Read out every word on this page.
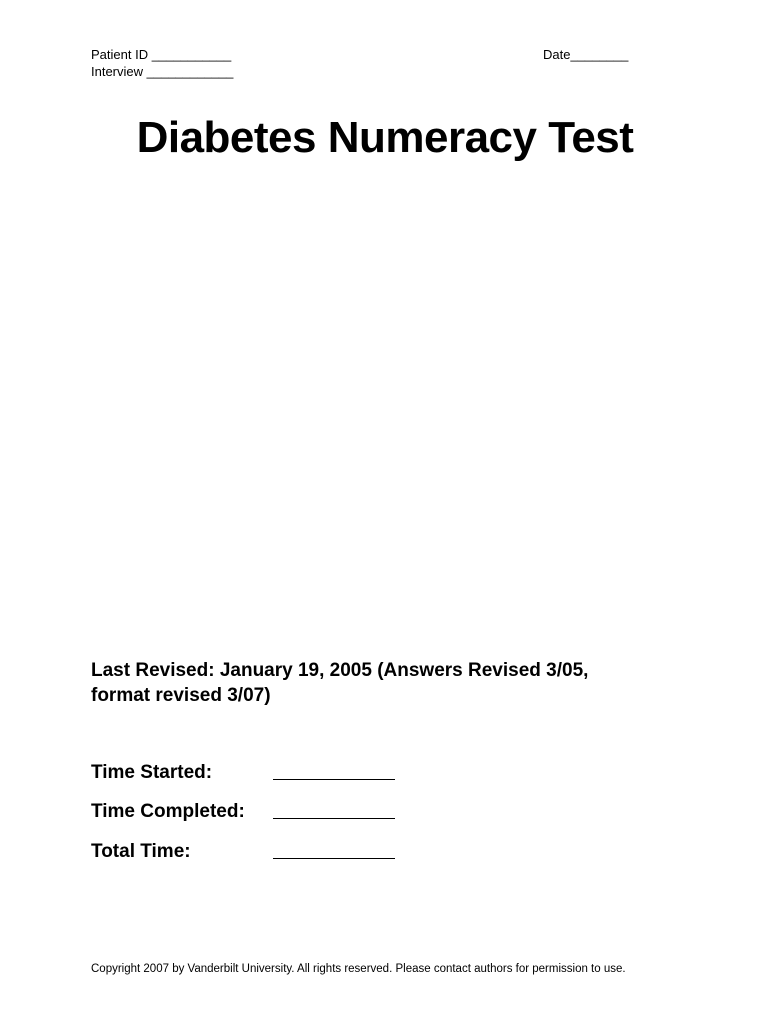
Patient ID ___________
Interview ____________
Date________
Diabetes Numeracy Test
Last Revised: January 19, 2005 (Answers Revised 3/05,
format revised 3/07)
Time Started:
Time Completed:
Total Time:
Copyright 2007 by Vanderbilt University. All rights reserved. Please contact authors for permission to use.
